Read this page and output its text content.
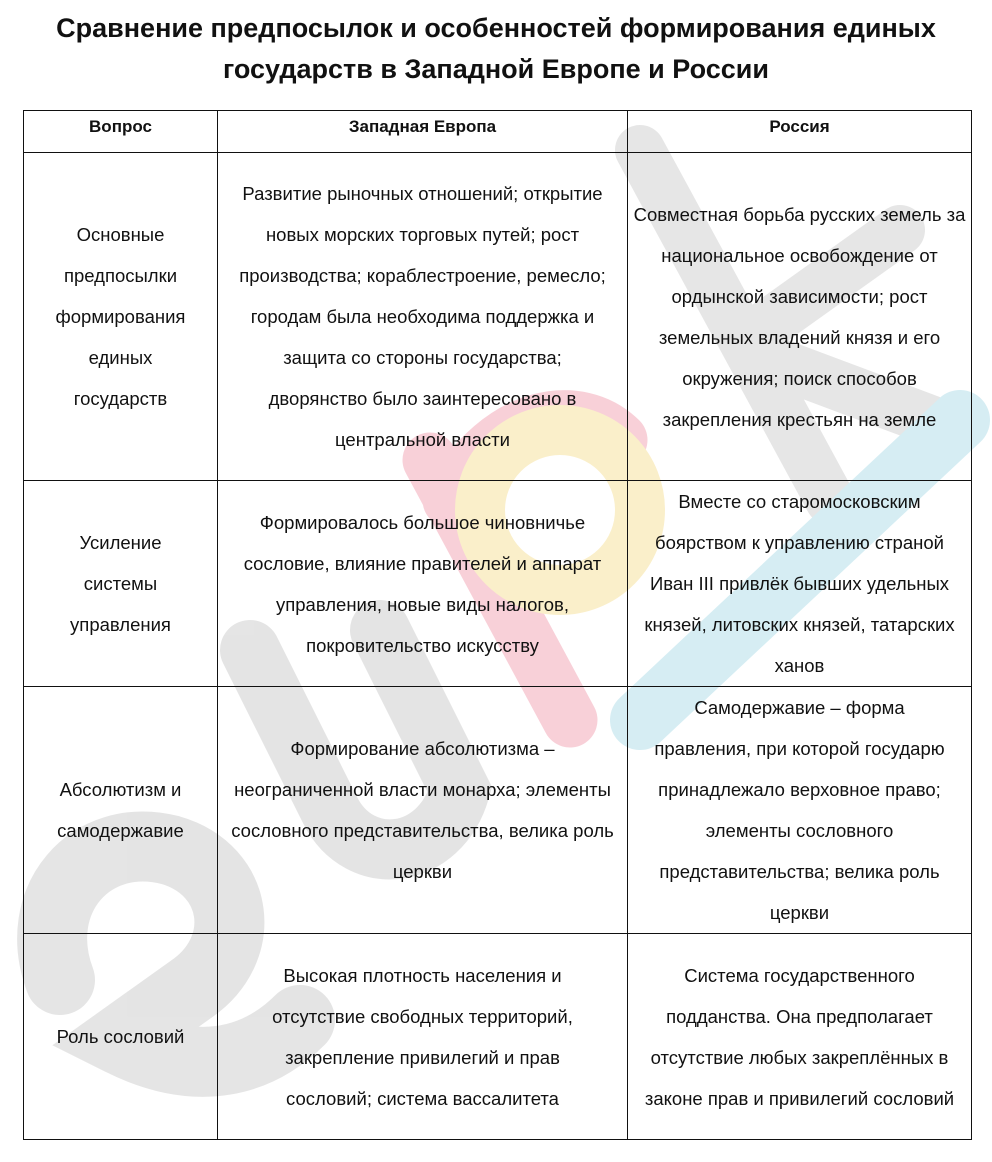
Сравнение предпосылок и особенностей формирования единых государств в Западной Европе и России
Вопрос	Западная Европа	Россия
Основные предпосылки формирования единых государств	Развитие рыночных отношений; открытие новых морских торговых путей; рост производства; кораблестроение, ремесло; городам была необходима поддержка и защита со стороны государства; дворянство было заинтересовано в центральной власти	Совместная борьба русских земель за национальное освобождение от ордынской зависимости; рост земельных владений князя и его окружения; поиск способов закрепления крестьян на земле
Усиление системы управления	Формировалось большое чиновничье сословие, влияние правителей и аппарат управления, новые виды налогов, покровительство искусству	Вместе со старомосковским боярством к управлению страной Иван III привлёк бывших удельных князей, литовских князей, татарских ханов
Абсолютизм и самодержавие	Формирование абсолютизма – неограниченной власти монарха; элементы сословного представительства, велика роль церкви	Самодержавие – форма правления, при которой государю принадлежало верховное право; элементы сословного представительства; велика роль церкви
Роль сословий	Высокая плотность населения и отсутствие свободных территорий, закрепление привилегий и прав сословий; система вассалитета	Система государственного подданства. Она предполагает отсутствие любых закреплённых в законе прав и привилегий сословий
